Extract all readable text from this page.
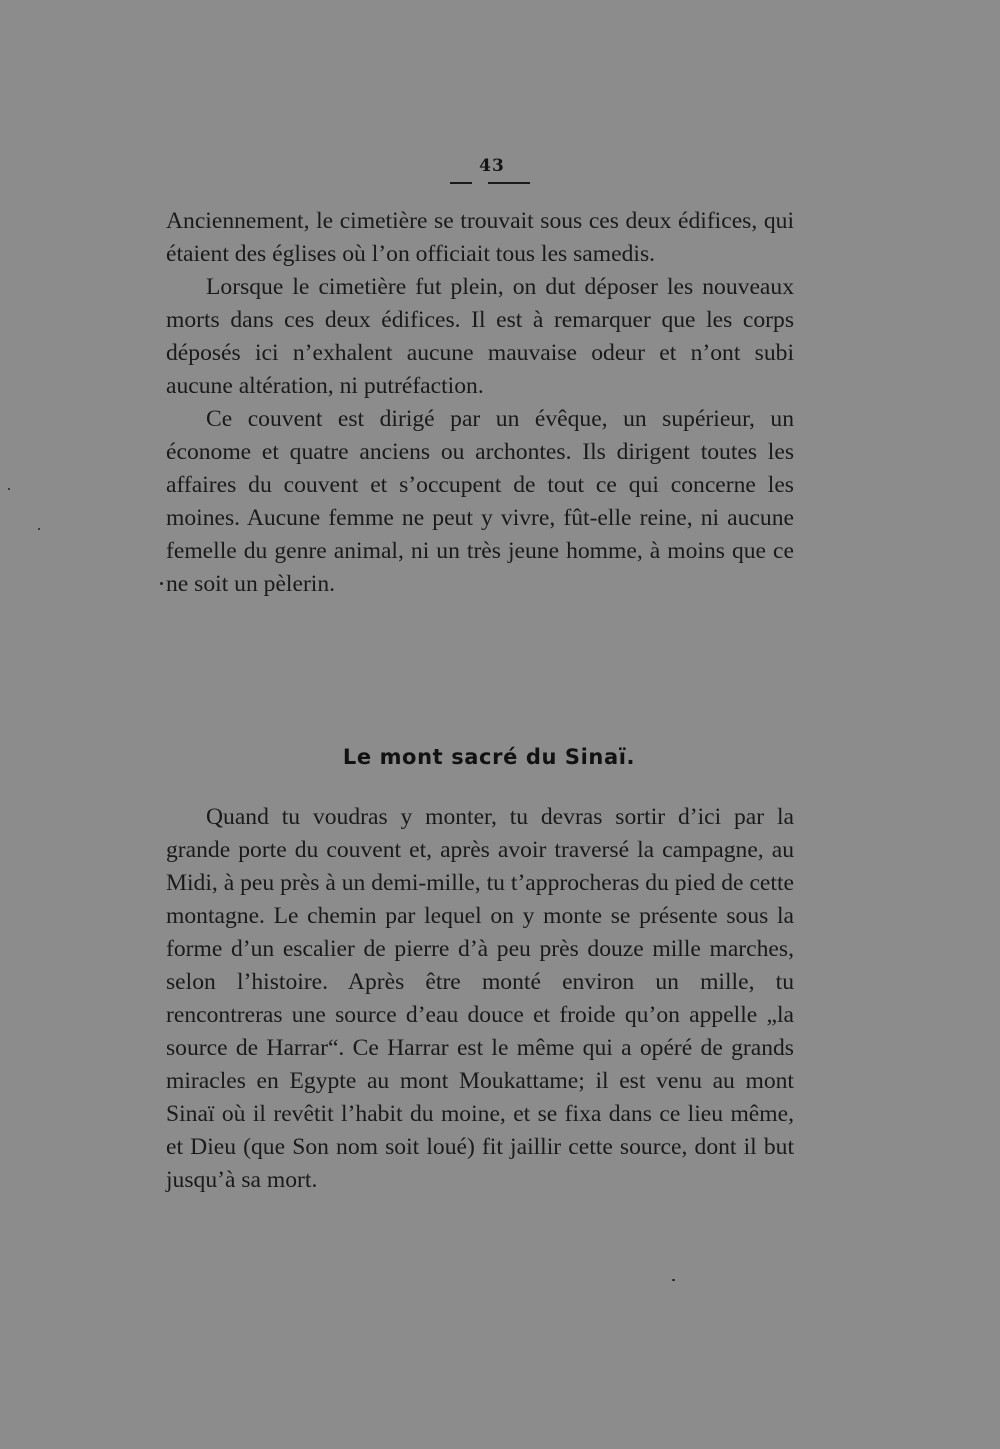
43

Anciennement, le cimetière se trouvait sous ces deux édifices, qui étaient des églises où l’on officiait tous les samedis.

Lorsque le cimetière fut plein, on dut déposer les nouveaux morts dans ces deux édifices. Il est à remarquer que les corps déposés ici n’exhalent aucune mauvaise odeur et n’ont subi aucune altération, ni putréfaction.

Ce couvent est dirigé par un évêque, un supérieur, un économe et quatre anciens ou archontes. Ils dirigent toutes les affaires du couvent et s’occupent de tout ce qui concerne les moines. Aucune femme ne peut y vivre, fût-elle reine, ni aucune femelle du genre animal, ni un très jeune homme, à moins que ce ne soit un pèlerin.

Le mont sacré du Sinaï.

Quand tu voudras y monter, tu devras sortir d’ici par la grande porte du couvent et, après avoir traversé la campagne, au Midi, à peu près à un demi-mille, tu t’approcheras du pied de cette montagne. Le chemin par lequel on y monte se présente sous la forme d’un escalier de pierre d’à peu près douze mille marches, selon l’histoire. Après être monté environ un mille, tu rencontreras une source d’eau douce et froide qu’on appelle „la source de Harrar“. Ce Harrar est le même qui a opéré de grands miracles en Egypte au mont Moukattame; il est venu au mont Sinaï où il revêtit l’habit du moine, et se fixa dans ce lieu même, et Dieu (que Son nom soit loué) fit jaillir cette source, dont il but jusqu’à sa mort.
